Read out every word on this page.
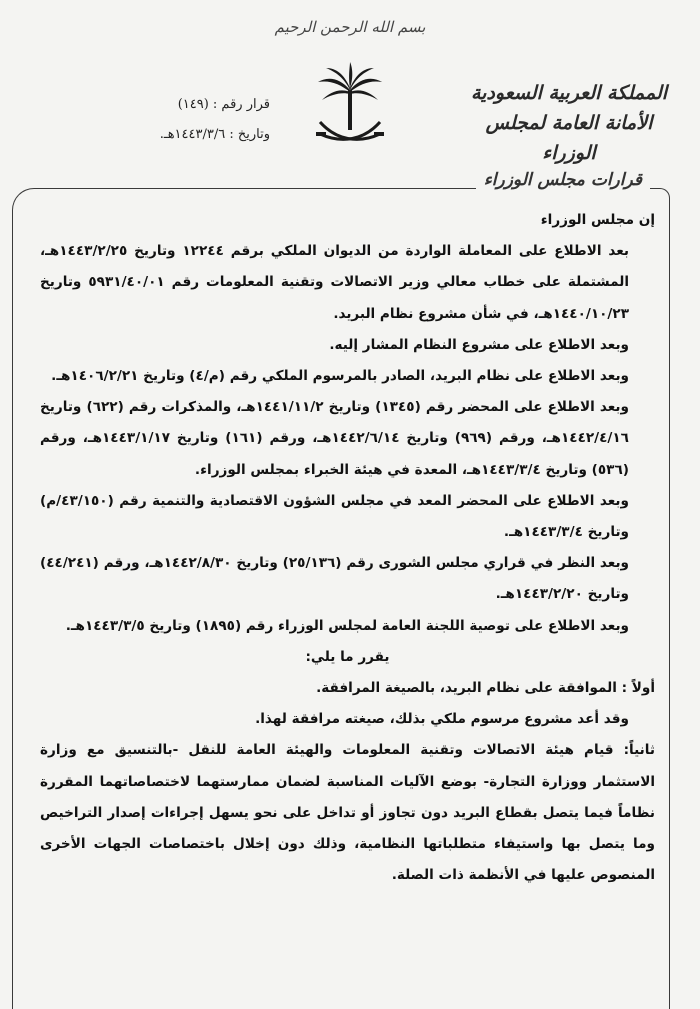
بسم الله الرحمن الرحيم
المملكة العربية السعودية
الأمانة العامة لمجلس الوزراء
قرار رقم : (١٤٩)
وتاريخ : ١٤٤٣/٣/٦هـ.
قرارات مجلس الوزراء

إن مجلس الوزراء

بعد الاطلاع على المعاملة الواردة من الديوان الملكي برقم ١٢٢٤٤ وتاريخ ١٤٤٣/٢/٢٥هـ، المشتملة على خطاب معالي وزير الاتصالات وتقنية المعلومات رقم ٥٩٣١/٤٠/٠١ وتاريخ ١٤٤٠/١٠/٢٣هـ، في شأن مشروع نظام البريد.

وبعد الاطلاع على مشروع النظام المشار إليه.

وبعد الاطلاع على نظام البريد، الصادر بالمرسوم الملكي رقم (م/٤) وتاريخ ١٤٠٦/٢/٢١هـ.

وبعد الاطلاع على المحضر رقم (١٣٤٥) وتاريخ ١٤٤١/١١/٢هـ، والمذكرات رقم (٦٢٢) وتاريخ ١٤٤٢/٤/١٦هـ، ورقم (٩٦٩) وتاريخ ١٤٤٢/٦/١٤هـ، ورقم (١٦١) وتاريخ ١٤٤٣/١/١٧هـ، ورقم (٥٣٦) وتاريخ ١٤٤٣/٣/٤هـ، المعدة في هيئة الخبراء بمجلس الوزراء.

وبعد الاطلاع على المحضر المعد في مجلس الشؤون الاقتصادية والتنمية رقم (٤٣/١٥٠/م) وتاريخ ١٤٤٣/٣/٤هـ.

وبعد النظر في قراري مجلس الشورى رقم (٢٥/١٣٦) وتاريخ ١٤٤٢/٨/٣٠هـ، ورقم (٤٤/٢٤١) وتاريخ ١٤٤٣/٢/٢٠هـ.

وبعد الاطلاع على توصية اللجنة العامة لمجلس الوزراء رقم (١٨٩٥) وتاريخ ١٤٤٣/٣/٥هـ.

يقرر ما يلي:

أولاً : الموافقة على نظام البريد، بالصيغة المرافقة.

وقد أعد مشروع مرسوم ملكي بذلك، صيغته مرافقة لهذا.

ثانياً: قيام هيئة الاتصالات وتقنية المعلومات والهيئة العامة للنقل -بالتنسيق مع وزارة الاستثمار ووزارة التجارة- بوضع الآليات المناسبة لضمان ممارستهما لاختصاصاتهما المقررة نظاماً فيما يتصل بقطاع البريد دون تجاوز أو تداخل على نحو يسهل إجراءات إصدار التراخيص وما يتصل بها واستيفاء متطلباتها النظامية، وذلك دون إخلال باختصاصات الجهات الأخرى المنصوص عليها في الأنظمة ذات الصلة.
